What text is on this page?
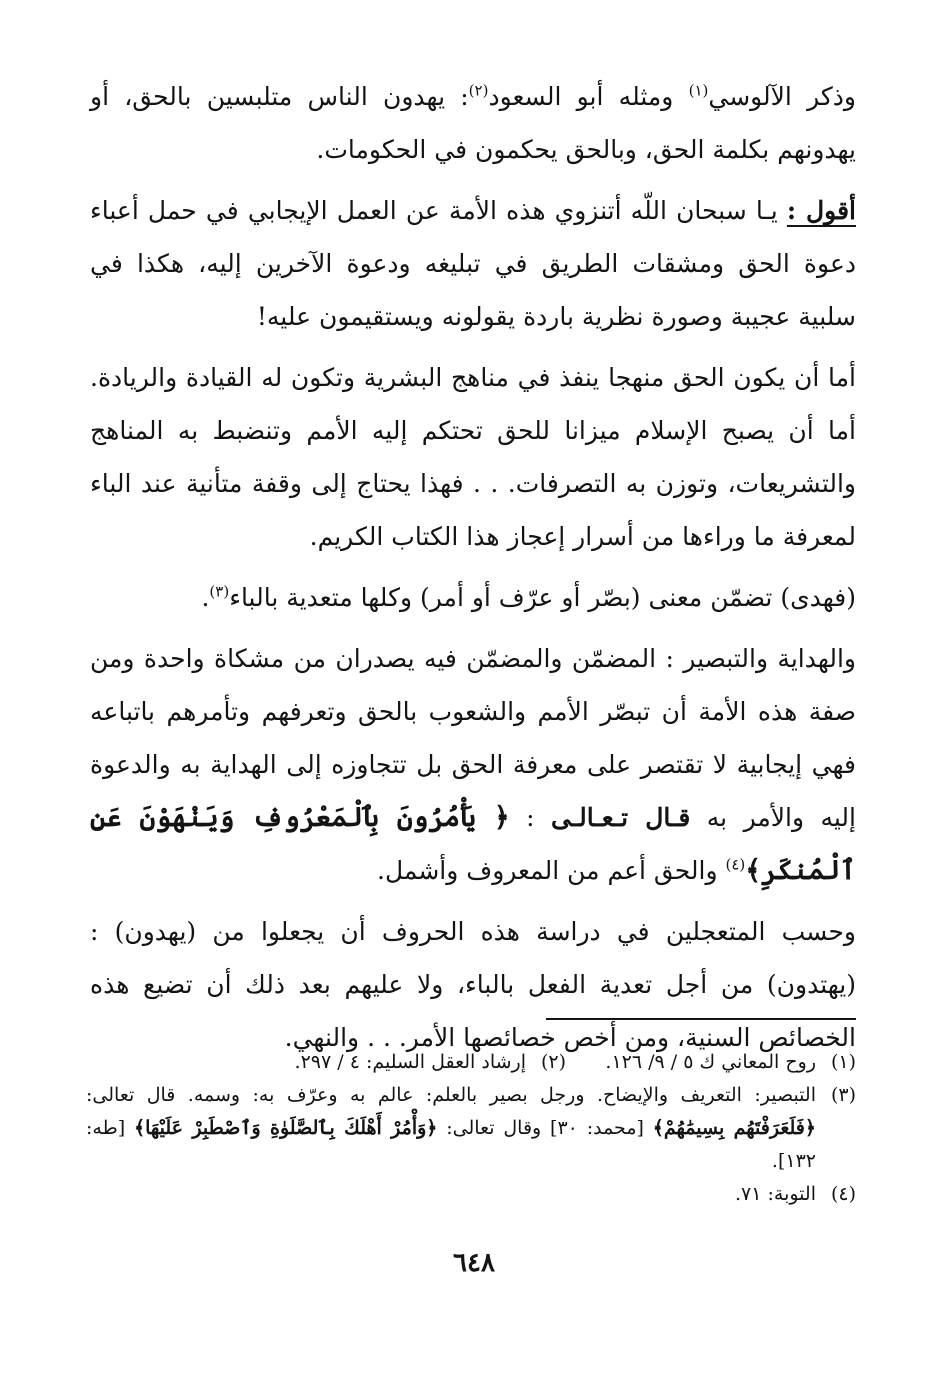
وذكر الآلوسي$^{(١)}$ ومثله أبو السعود$^{(٢)}$: يهدون الناس متلبسين بالحق، أو يهدونهم بكلمة الحق، وبالحق يحكمون في الحكومات.

أقول : يـا سبحان اللّه أتنزوي هذه الأمة عن العمل الإيجابي في حمل أعباء دعوة الحق ومشقات الطريق في تبليغه ودعوة الآخرين إليه، هكذا في سلبية عجيبة وصورة نظرية باردة يقولونه ويستقيمون عليه!

أما أن يكون الحق منهجا ينفذ في مناهج البشرية وتكون له القيادة والريادة. أما أن يصبح الإسلام ميزانا للحق تحتكم إليه الأمم وتنضبط به المناهج والتشريعات، وتوزن به التصرفات. . . فهذا يحتاج إلى وقفة متأنية عند الباء لمعرفة ما وراءها من أسرار إعجاز هذا الكتاب الكريم.

(فهدى) تضمّن معنى (بصّر أو عرّف أو أمر) وكلها متعدية بالباء$^{(٣)}$.

والهداية والتبصير : المضمّن والمضمّن فيه يصدران من مشكاة واحدة ومن صفة هذه الأمة أن تبصّر الأمم والشعوب بالحق وتعرفهم وتأمرهم باتباعه فهي إيجابية لا تقتصر على معرفة الحق بل تتجاوزه إلى الهداية به والدعوة إليه والأمر به قـال تـعـالـى : ﴿ يَأْمُرُونَ بِٱلْمَعْرُوفِ وَيَنْهَوْنَ عَنِ ٱلْمُنكَرِ﴾$^{(٤)}$ والحق أعم من المعروف وأشمل.

وحسب المتعجلين في دراسة هذه الحروف أن يجعلوا من (يهدون) : (يهتدون) من أجل تعدية الفعل بالباء، ولا عليهم بعد ذلك أن تضيع هذه الخصائص السنية، ومن أخص خصائصها الأمر. . . والنهي.

(١)
روح المعاني ك ٥ / ٩/ ١٢٦.
(٢)
إرشاد العقل السليم: ٤ / ٢٩٧.
(٣)
التبصير: التعريف والإيضاح. ورجل بصير بالعلم: عالم به وعرّف به: وسمه. قال تعالى: ﴿فَلَعَرَفْتَهُم بِسِيمَٰهُمْ﴾ [محمد: ٣٠] وقال تعالى: ﴿وَأْمُرْ أَهْلَكَ بِٱلصَّلَوٰةِ وَٱصْطَبِرْ عَلَيْهَا﴾ [طه: ١٣٢].
(٤)
التوبة: ٧١.
٦٤٨
